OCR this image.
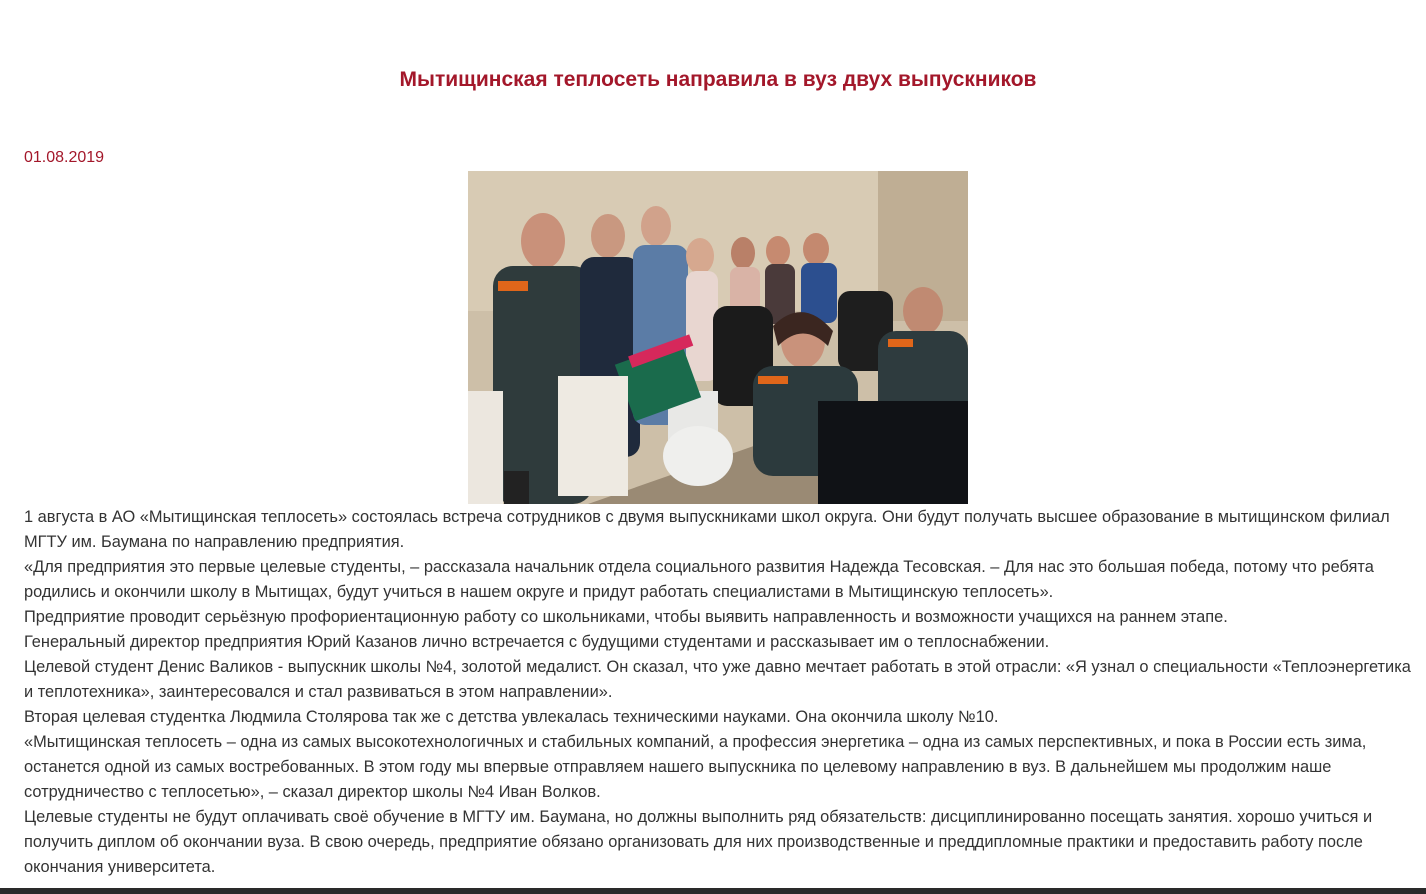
Мытищинская теплосеть направила в вуз двух выпускников
01.08.2019

1 августа в АО «Мытищинская теплосеть» состоялась встреча сотрудников с двумя выпускниками школ округа. Они будут получать высшее образование в мытищинском филиал МГТУ им. Баумана по направлению предприятия.

«Для предприятия это первые целевые студенты, – рассказала начальник отдела социального развития Надежда Тесовская. – Для нас это большая победа, потому что ребята родились и окончили школу в Мытищах, будут учиться в нашем округе и придут работать специалистами в Мытищинскую теплосеть».

Предприятие проводит серьёзную профориентационную работу со школьниками, чтобы выявить направленность и возможности учащихся на раннем этапе.

Генеральный директор предприятия Юрий Казанов лично встречается с будущими студентами и рассказывает им о теплоснабжении.

Целевой студент Денис Валиков - выпускник школы №4, золотой медалист. Он сказал, что уже давно мечтает работать в этой отрасли: «Я узнал о специальности «Теплоэнергетика и теплотехника», заинтересовался и стал развиваться в этом направлении».

Вторая целевая студентка Людмила Столярова так же с детства увлекалась техническими науками. Она окончила школу №10.

«Мытищинская теплосеть – одна из самых высокотехнологичных и стабильных компаний, а профессия энергетика – одна из самых перспективных, и пока в России есть зима, останется одной из самых востребованных. В этом году мы впервые отправляем нашего выпускника по целевому направлению в вуз. В дальнейшем мы продолжим наше сотрудничество с теплосетью», – сказал директор школы №4 Иван Волков.

Целевые студенты не будут оплачивать своё обучение в МГТУ им. Баумана, но должны выполнить ряд обязательств: дисциплинированно посещать занятия. хорошо учиться и получить диплом об окончании вуза. В свою очередь, предприятие обязано организовать для них производственные и преддипломные практики и предоставить работу после окончания университета.
